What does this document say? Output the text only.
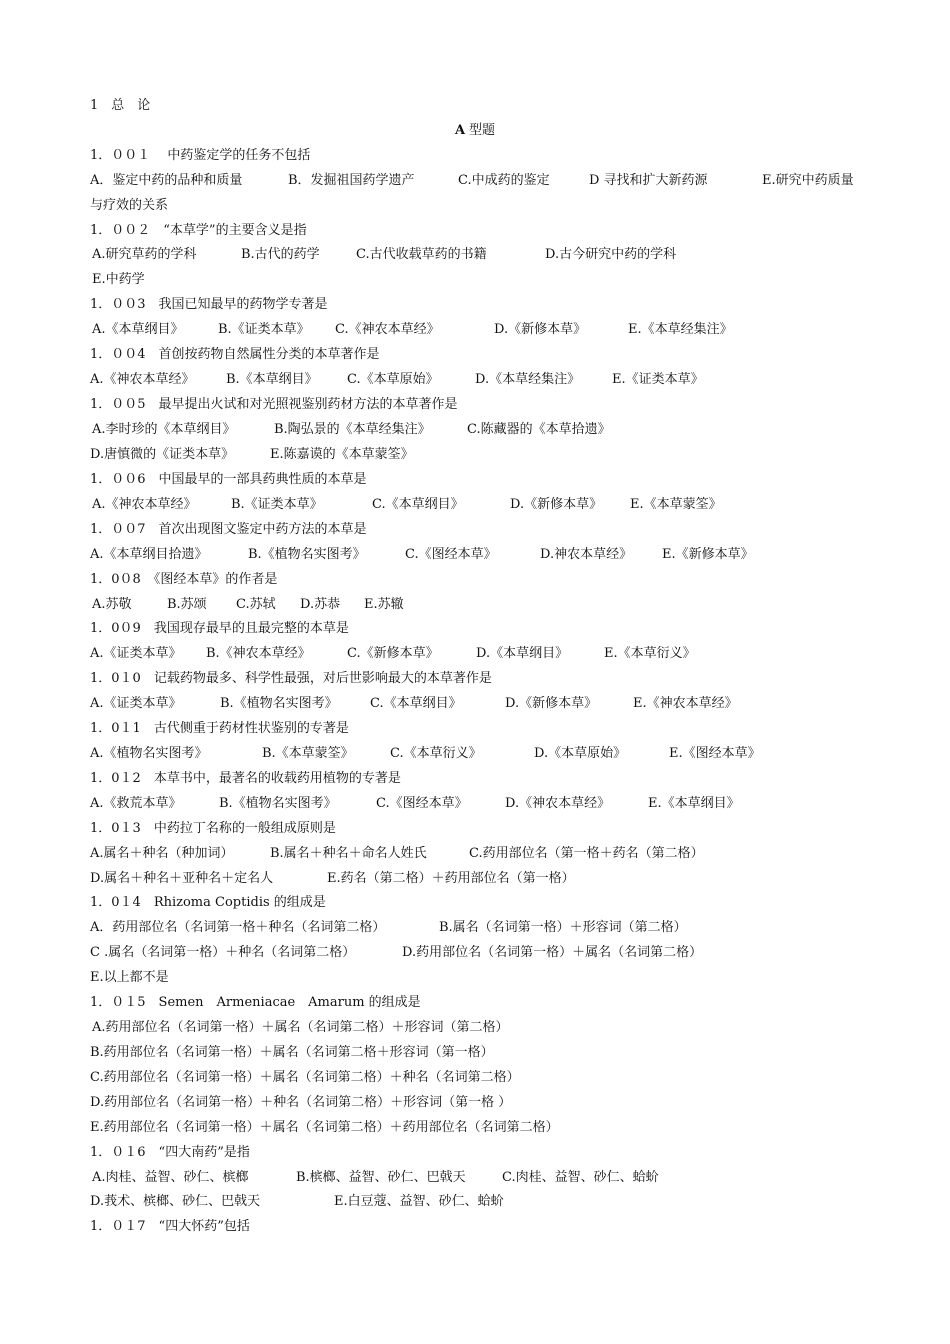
1　总　论
A 型题
1．００１　 中药鉴定学的任务不包括
A．鉴定中药的品种和质量	B．发掘祖国药学遗产	C.中成药的鉴定	D 寻找和扩大新药源	E.研究中药质量
与疗效的关系
1．００２　“本草学”的主要含义是指
A.研究草药的学科	B.古代的药学	C.古代收载草药的书籍	D.古今研究中药的学科
E.中药学
1．００3　我国已知最早的药物学专著是
A.《本草纲目》	B.《证类本草》 C.《神农本草经》	D.《新修本草》	E.《本草经集注》
1．００4　首创按药物自然属性分类的本草著作是
A.《神农本草经》 B.《本草纲目》 C.《本草原始》	D.《本草经集注》 E.《证类本草》
1．００5　最早提出火试和对光照视鉴别药材方法的本草著作是
A.李时珍的《本草纲目》	B.陶弘景的《本草经集注》	C.陈藏器的《本草拾遗》
D.唐慎微的《证类本草》	E.陈嘉谟的《本草蒙筌》
1．００6　中国最早的一部具药典性质的本草是
A.《神农本草经》	B.《证类本草》	C.《本草纲目》	D.《新修本草》 E.《本草蒙筌》
1．００7　首次出现图文鉴定中药方法的本草是
A.《本草纲目拾遗》	B.《植物名实图考》	C.《图经本草》	D.神农本草经》 E.《新修本草》
1．0０8　《图经本草》的作者是
A.苏敬	B.苏颂 C.苏轼 D.苏恭 E.苏辙
1．0０9　我国现存最早的且最完整的本草是
A.《证类本草》 B.《神农本草经》	C.《新修本草》	D.《本草纲目》	E.《本草衍义》
1．0１0　记载药物最多、科学性最强，对后世影响最大的本草著作是
A.《证类本草》	B.《植物名实图考》 C.《本草纲目》	D.《新修本草》	E.《神农本草经》
1．0１1　古代侧重于药材性状鉴别的专著是
A.《植物名实图考》	B.《本草蒙筌》	C.《本草衍义》	D.《本草原始》	E.《图经本草》
1．0１2　本草书中，最著名的收载药用植物的专著是
A.《救荒本草》	B.《植物名实图考》	C.《图经本草》	D.《神农本草经》	E.《本草纲目》
1．0１3　中药拉丁名称的一般组成原则是
A.属名＋种名（种加词）	B.属名＋种名＋命名人姓氏	C.药用部位名（第一格＋药名（第二格）
D.属名＋种名＋亚种名＋定名人	E.药名（第二格）＋药用部位名（第一格）
1．0１4　Rhizoma Coptidis 的组成是
A．药用部位名（名词第一格＋种名（名词第二格）	B.属名（名词第一格）＋形容词（第二格）
C .属名（名词第一格）＋种名（名词第二格）	D.药用部位名（名词第一格）＋属名（名词第二格）
E.以上都不是
1．０１5　Semen　Armeniacae　Amarum 的组成是
A.药用部位名（名词第一格）＋属名（名词第二格）＋形容词（第二格）
B.药用部位名（名词第一格）＋属名（名词第二格＋形容词（第一格）
C.药用部位名（名词第一格）＋属名（名词第二格）＋种名（名词第二格）
D.药用部位名（名词第一格）＋种名（名词第二格）＋形容词（第一格 ）
E.药用部位名（名词第一格）＋属名（名词第二格）＋药用部位名（名词第二格）
1．０１6　“四大南药”是指
A.肉桂、益智、砂仁、槟榔	B.槟榔、益智、砂仁、巴戟天	C.肉桂、益智、砂仁、蛤蚧
D.莪术、槟榔、砂仁、巴戟天	E.白豆蔻、益智、砂仁、蛤蚧
1．０１7　“四大怀药”包括
